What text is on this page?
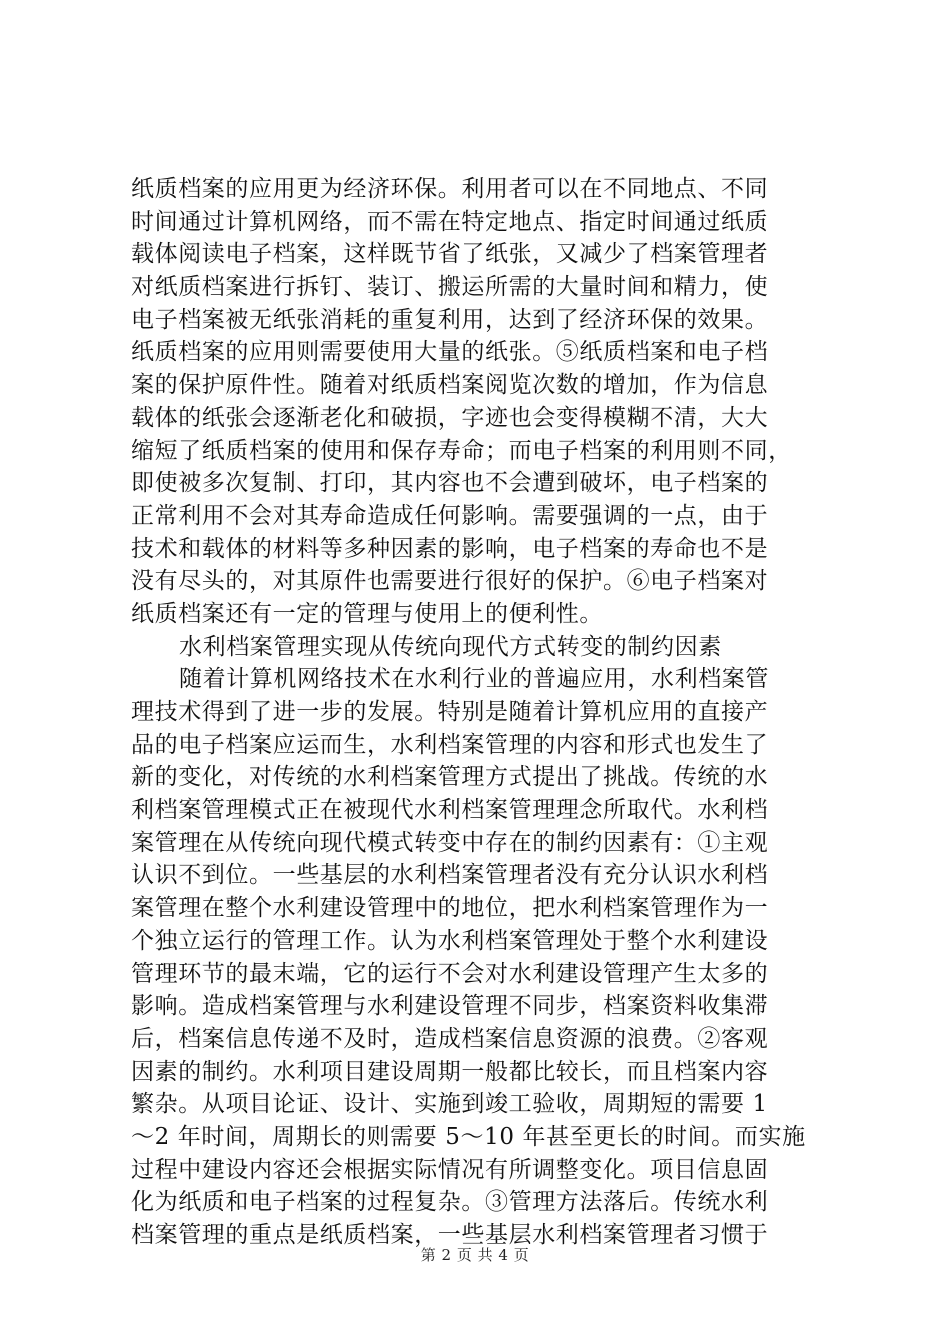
纸质档案的应用更为经济环保。利用者可以在不同地点、不同
时间通过计算机网络，而不需在特定地点、指定时间通过纸质
载体阅读电子档案，这样既节省了纸张，又减少了档案管理者
对纸质档案进行拆钉、装订、搬运所需的大量时间和精力，使
电子档案被无纸张消耗的重复利用，达到了经济环保的效果。
纸质档案的应用则需要使用大量的纸张。⑤纸质档案和电子档
案的保护原件性。随着对纸质档案阅览次数的增加，作为信息
载体的纸张会逐渐老化和破损，字迹也会变得模糊不清，大大
缩短了纸质档案的使用和保存寿命；而电子档案的利用则不同，
即使被多次复制、打印，其内容也不会遭到破坏，电子档案的
正常利用不会对其寿命造成任何影响。需要强调的一点，由于
技术和载体的材料等多种因素的影响，电子档案的寿命也不是
没有尽头的，对其原件也需要进行很好的保护。⑥电子档案对
纸质档案还有一定的管理与使用上的便利性。
水利档案管理实现从传统向现代方式转变的制约因素
随着计算机网络技术在水利行业的普遍应用，水利档案管
理技术得到了进一步的发展。特别是随着计算机应用的直接产
品的电子档案应运而生，水利档案管理的内容和形式也发生了
新的变化，对传统的水利档案管理方式提出了挑战。传统的水
利档案管理模式正在被现代水利档案管理理念所取代。水利档
案管理在从传统向现代模式转变中存在的制约因素有：①主观
认识不到位。一些基层的水利档案管理者没有充分认识水利档
案管理在整个水利建设管理中的地位，把水利档案管理作为一
个独立运行的管理工作。认为水利档案管理处于整个水利建设
管理环节的最末端，它的运行不会对水利建设管理产生太多的
影响。造成档案管理与水利建设管理不同步，档案资料收集滞
后，档案信息传递不及时，造成档案信息资源的浪费。②客观
因素的制约。水利项目建设周期一般都比较长，而且档案内容
繁杂。从项目论证、设计、实施到竣工验收，周期短的需要 1
～2 年时间，周期长的则需要 5～10 年甚至更长的时间。而实施
过程中建设内容还会根据实际情况有所调整变化。项目信息固
化为纸质和电子档案的过程复杂。③管理方法落后。传统水利
档案管理的重点是纸质档案，一些基层水利档案管理者习惯于
第 2 页 共 4 页
